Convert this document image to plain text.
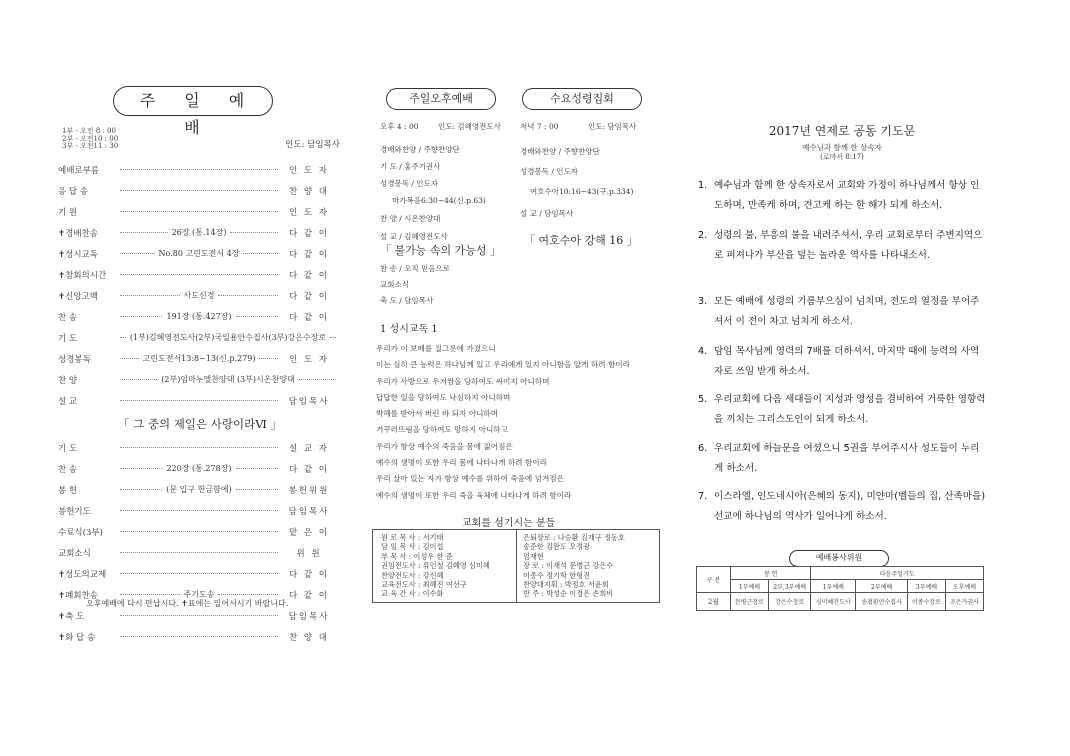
주 일 예 배
1부 - 오전 8 : 00
2부 - 오전10 : 00
3부 - 오전11 : 30	인도: 담임목사
예배로부름	인 도 자
응 답 송	찬 양 대
기 원	인 도 자
✝경배찬송	26장 (통.14장)	다 같 이
✝성시교독	No.80 고린도전서 4장	다 같 이
✝참회의시간	다 같 이
✝신앙고백	사도신경	다 같 이
찬 송	191장 (통.427장)	다 같 이
기 도	(1부)김혜영전도사(2부)국일용안수집사(3부)강은수장로
성경봉독	고린도전서13:8~13(신.p.279)	인 도 자
찬 양	(2부)임마누엘찬양대 (3부)시온찬양대
설 교	담임목사
「 그 중의 제일은 사랑이라Ⅵ 」
기 도	설 교 자
찬 송	220장 (통.278장)	다 같 이
봉 헌	(문 입구 헌금함에)	봉헌위원
봉헌기도	담임목사
수료식(3부)	맡 은 이
교회소식	위 원
✝성도의교제	다 같 이
✝폐회찬송	주기도송	다 같 이
✝축 도	담임목사
✝화 답 송	찬 양 대
오후예배에 다시 만납시다. ✝표에는 일어서시기 바랍니다.
주일오후예배	수요성령집회
오후 4 : 00	인도: 김혜영전도사
경배와찬양 / 주향찬양단
기 도 / 홍주기권사
성경봉독 / 인도자
마가복음6:30~44(신.p.63)
찬 양 / 시온찬양대
설 교 / 김혜영전도사
「 불가능 속의 가능성 」
찬 송 / 오직 믿음으로
교회소식
축 도 / 담임목사
저녁 7 : 00	인도: 담임목사
경배와찬양 / 주향찬양단
성경봉독 / 인도자
여호수아10:16~43(구.p.334)
설 교 / 담임목사
「 여호수아 강해 16 」
1 성시교독 1
우리가 이 보배를 질그릇에 가졌으니
이는 심히 큰 능력은 하나님께 있고 우리에게 있지 아니함을 알게 하려 함이라
우리가 사방으로 우겨쌈을 당하여도 싸이지 아니하며
답답한 일을 당하여도 낙심하지 아니하며
박해를 받아서 버린 바 되지 아니하며
거꾸러뜨림을 당하여도 망하지 아니하고
우리가 항상 예수의 죽음을 몸에 짊어짐은
예수의 생명이 또한 우리 몸에 나타나게 하려 함이라
우리 살아 있는 자가 항상 예수를 위하여 죽음에 넘겨짐은
예수의 생명이 또한 우리 죽을 육체에 나타나게 하려 함이라
교회를 섬기시는 분들
원 로 목 사 : 서기태
담 임 목 사 : 김이섭
부 목 사 : 이성우 한 준
권임전도사 : 류인철 김혜영 심미혜
찬양전도사 : 강신혜
교육전도사 : 최혜진 여선구
교 육 간 사 : 이수화
은퇴장로 : 나승환 김재구 정동호
송준한 김완도 오정광
임재현
장 로 : 이재석 문병근 강은수
이종수 정기학 한형진
찬양대지휘 : 박정호 서윤희
반 주 : 박성순 이경은 손희비
2017년 연제로 공동 기도문
예수님과 함께 한 상속자
(로마서 8:17)
1. 예수님과 함께 한 상속자로서 교회와 가정이 하나님께서 항상 인도하며, 만족케 하며, 견고케 하는 한 해가 되게 하소서.
2. 성령의 불, 부흥의 불을 내려주셔서, 우리 교회로부터 주변지역으로 퍼져나가 부산을 덮는 놀라운 역사를 나타내소서.
3. 모든 예배에 성령의 기름부으심이 넘치며, 전도의 열정을 부어주셔서 이 전이 차고 넘치게 하소서.
4. 담임 목사님께 영력의 7배를 더하셔서, 마지막 때에 능력의 사역자로 쓰임 받게 하소서.
5. 우리교회에 다음 세대들이 지성과 영성을 겸비하여 거룩한 영향력을 끼치는 그리스도인이 되게 하소서.
6. 우리교회에 하늘문을 여셨으니 5권을 부어주시사 성도들이 누리게 하소서.
7. 이스라엘, 인도네시아(은혜의 동지), 미얀마(벨들의 집, 산족마을) 선교에 하나님의 역사가 일어나게 하소서.
예배봉사위원
구 분	봉 헌		다음주일기도			
	1부예배	2부,3부예배	1부예배	2부예배	3부예배	오후예배
2월	문병근장로	강은수장로	심미혜전도사	송점환안수집사	이종수장로	조은가권사
